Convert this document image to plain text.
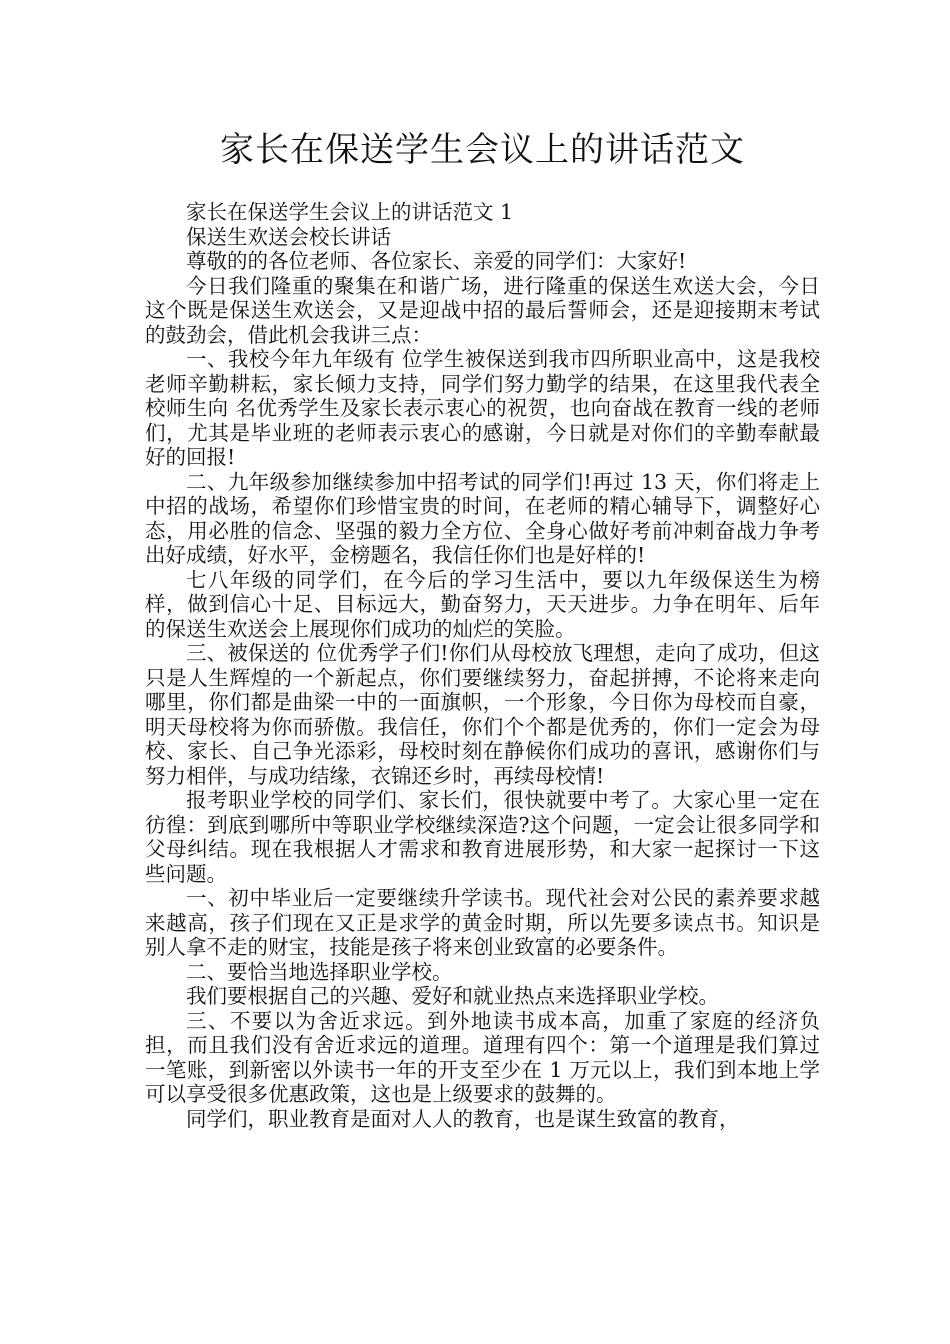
家长在保送学生会议上的讲话范文

家长在保送学生会议上的讲话范文 1

保送生欢送会校长讲话

尊敬的的各位老师、各位家长、亲爱的同学们：大家好!

今日我们隆重的聚集在和谐广场，进行隆重的保送生欢送大会，今日这个既是保送生欢送会，又是迎战中招的最后誓师会，还是迎接期末考试的鼓劲会，借此机会我讲三点：

一、我校今年九年级有 位学生被保送到我市四所职业高中，这是我校老师辛勤耕耘，家长倾力支持，同学们努力勤学的结果，在这里我代表全校师生向 名优秀学生及家长表示衷心的祝贺，也向奋战在教育一线的老师们，尤其是毕业班的老师表示衷心的感谢，今日就是对你们的辛勤奉献最好的回报!

二、九年级参加继续参加中招考试的同学们!再过 13 天，你们将走上中招的战场，希望你们珍惜宝贵的时间，在老师的精心辅导下，调整好心态，用必胜的信念、坚强的毅力全方位、全身心做好考前冲刺奋战力争考出好成绩，好水平，金榜题名，我信任你们也是好样的!

七八年级的同学们，在今后的学习生活中，要以九年级保送生为榜样，做到信心十足、目标远大，勤奋努力，天天进步。力争在明年、后年的保送生欢送会上展现你们成功的灿烂的笑脸。

三、被保送的 位优秀学子们!你们从母校放飞理想，走向了成功，但这只是人生辉煌的一个新起点，你们要继续努力，奋起拼搏，不论将来走向哪里，你们都是曲梁一中的一面旗帜，一个形象，今日你为母校而自豪，明天母校将为你而骄傲。我信任，你们个个都是优秀的，你们一定会为母校、家长、自己争光添彩，母校时刻在静候你们成功的喜讯，感谢你们与努力相伴，与成功结缘，衣锦还乡时，再续母校情!

报考职业学校的同学们、家长们，很快就要中考了。大家心里一定在彷徨：到底到哪所中等职业学校继续深造?这个问题，一定会让很多同学和父母纠结。现在我根据人才需求和教育进展形势，和大家一起探讨一下这些问题。

一、初中毕业后一定要继续升学读书。现代社会对公民的素养要求越来越高，孩子们现在又正是求学的黄金时期，所以先要多读点书。知识是别人拿不走的财宝，技能是孩子将来创业致富的必要条件。

二、要恰当地选择职业学校。

我们要根据自己的兴趣、爱好和就业热点来选择职业学校。

三、不要以为舍近求远。到外地读书成本高，加重了家庭的经济负担，而且我们没有舍近求远的道理。道理有四个：第一个道理是我们算过一笔账，到新密以外读书一年的开支至少在 1 万元以上，我们到本地上学可以享受很多优惠政策，这也是上级要求的鼓舞的。

同学们，职业教育是面对人人的教育，也是谋生致富的教育，
